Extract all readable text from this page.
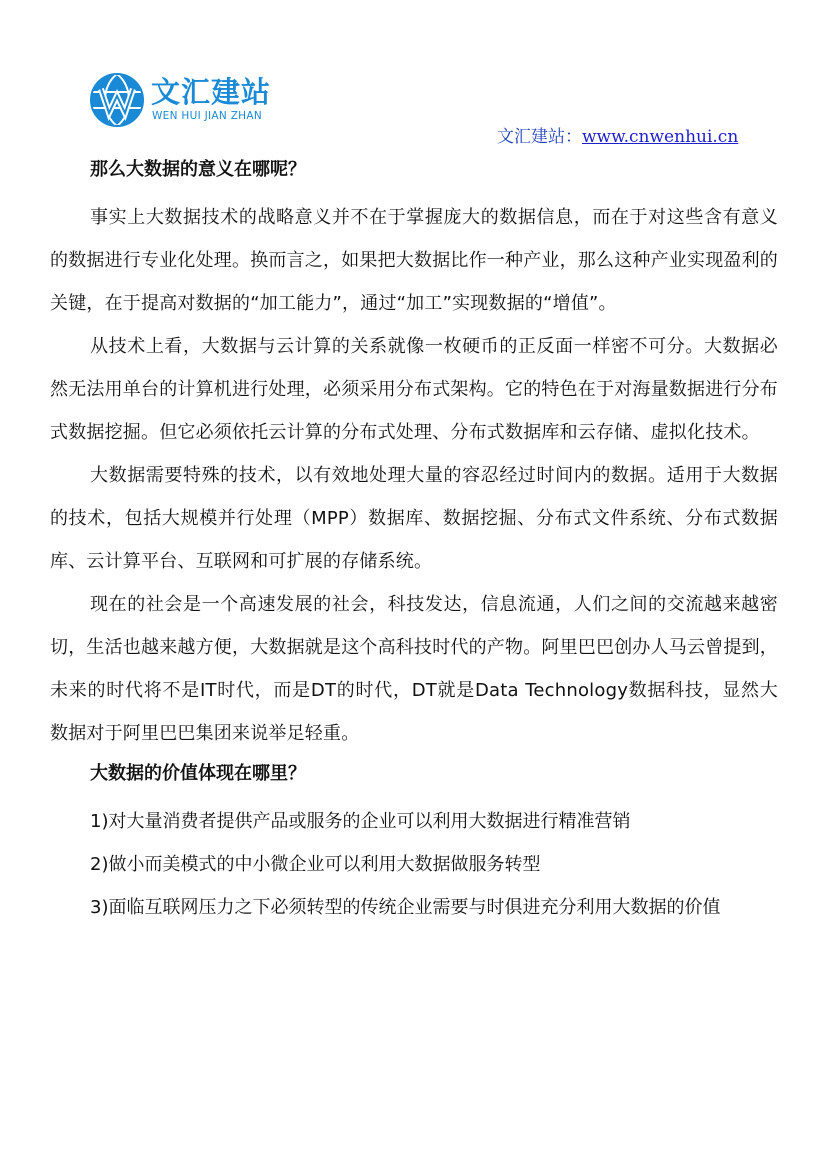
文汇建站
WEN HUI JIAN ZHAN
文汇建站：www.cnwenhui.cn

那么大数据的意义在哪呢？

事实上大数据技术的战略意义并不在于掌握庞大的数据信息，而在于对这些含有意义的数据进行专业化处理。换而言之，如果把大数据比作一种产业，那么这种产业实现盈利的关键，在于提高对数据的“加工能力”，通过“加工”实现数据的“增值”。

从技术上看，大数据与云计算的关系就像一枚硬币的正反面一样密不可分。大数据必然无法用单台的计算机进行处理，必须采用分布式架构。它的特色在于对海量数据进行分布式数据挖掘。但它必须依托云计算的分布式处理、分布式数据库和云存储、虚拟化技术。

大数据需要特殊的技术，以有效地处理大量的容忍经过时间内的数据。适用于大数据的技术，包括大规模并行处理（MPP）数据库、数据挖掘、分布式文件系统、分布式数据库、云计算平台、互联网和可扩展的存储系统。

现在的社会是一个高速发展的社会，科技发达，信息流通，人们之间的交流越来越密切，生活也越来越方便，大数据就是这个高科技时代的产物。阿里巴巴创办人马云曾提到，未来的时代将不是IT时代，而是DT的时代，DT就是Data Technology数据科技，显然大数据对于阿里巴巴集团来说举足轻重。

大数据的价值体现在哪里？

1)对大量消费者提供产品或服务的企业可以利用大数据进行精准营销

2)做小而美模式的中小微企业可以利用大数据做服务转型

3)面临互联网压力之下必须转型的传统企业需要与时俱进充分利用大数据的价值
